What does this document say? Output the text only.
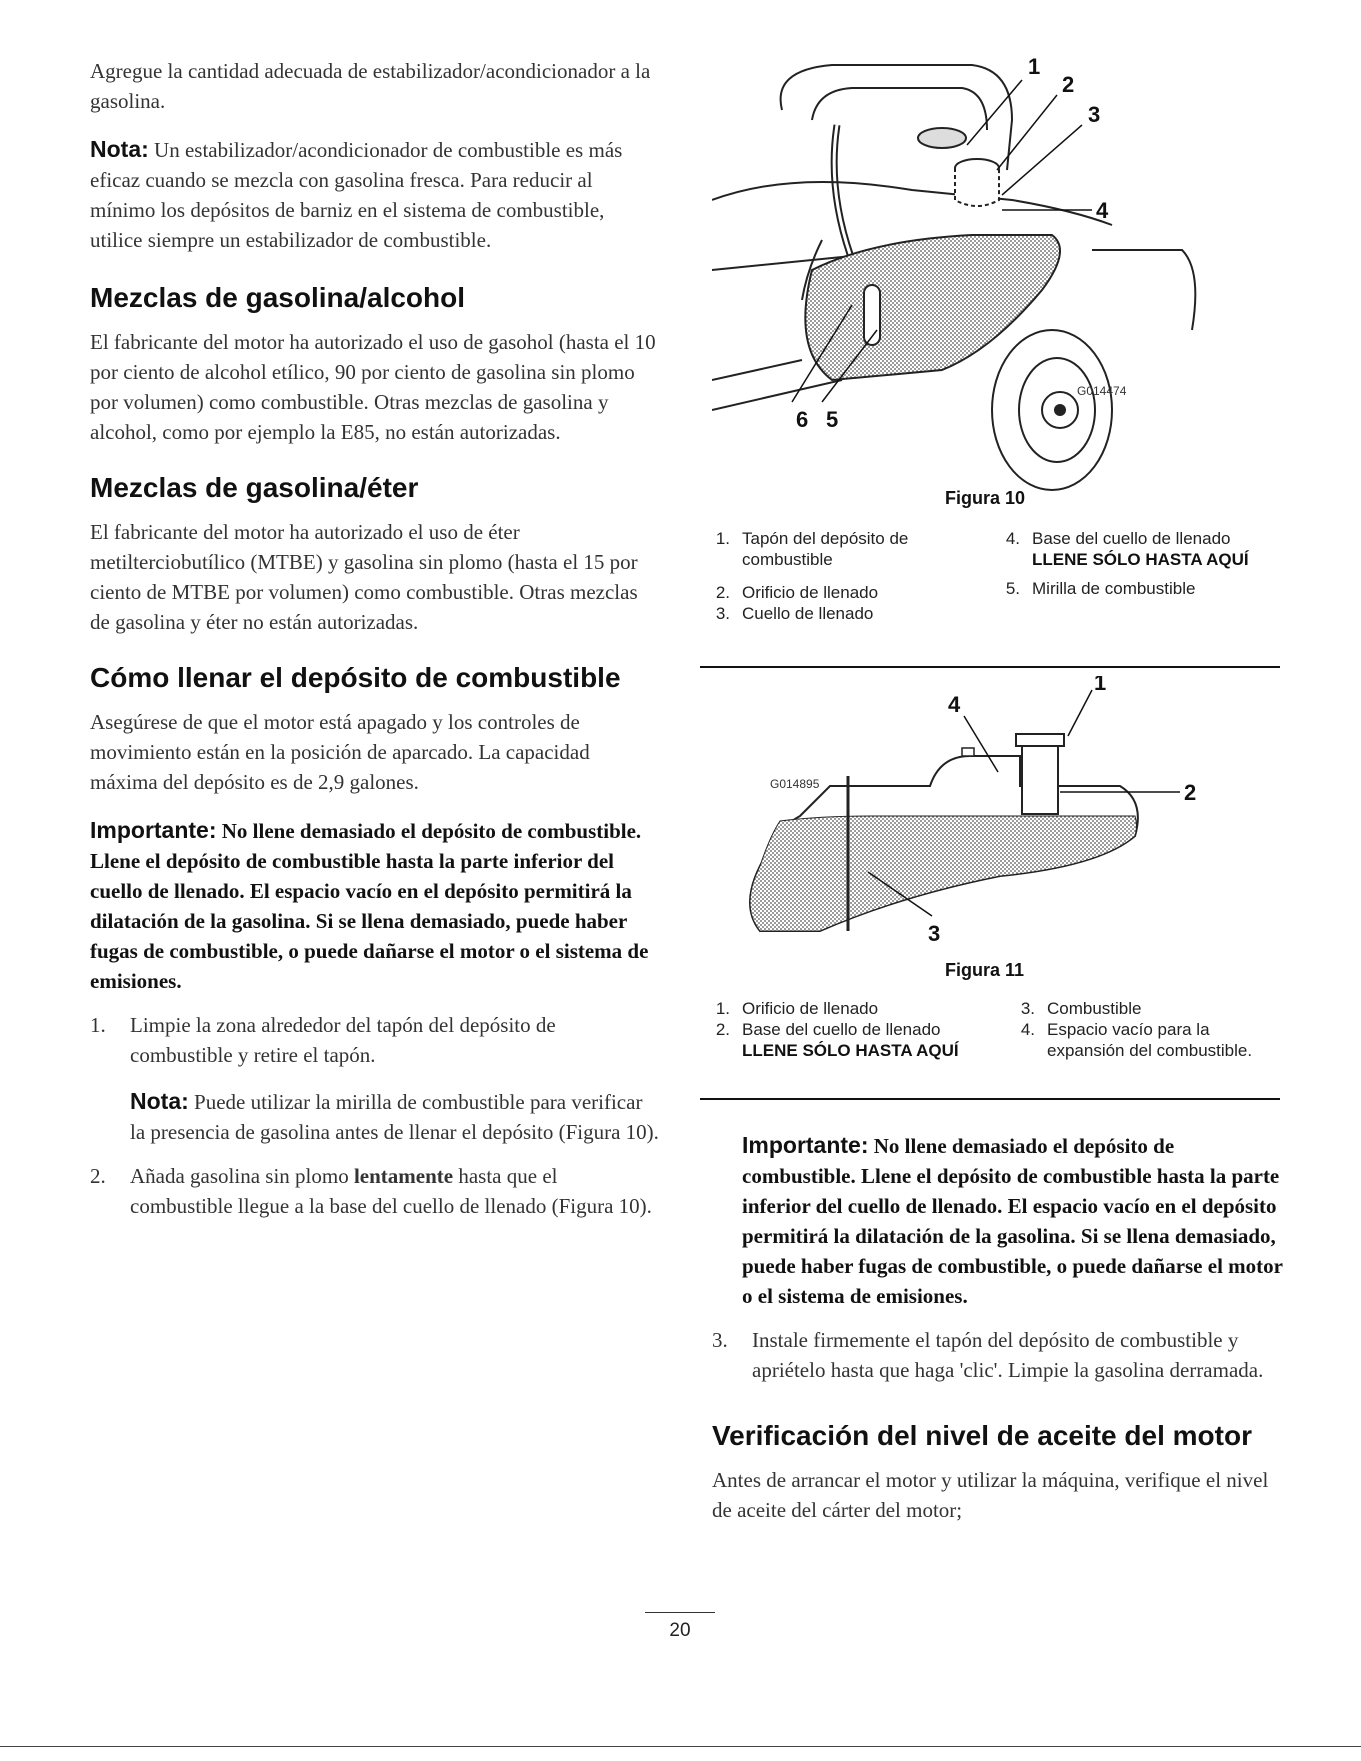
Agregue la cantidad adecuada de estabilizador/acondicionador a la gasolina.

Nota: Un estabilizador/acondicionador de combustible es más eficaz cuando se mezcla con gasolina fresca. Para reducir al mínimo los depósitos de barniz en el sistema de combustible, utilice siempre un estabilizador de combustible.

Mezclas de gasolina/alcohol

El fabricante del motor ha autorizado el uso de gasohol (hasta el 10 por ciento de alcohol etílico, 90 por ciento de gasolina sin plomo por volumen) como combustible. Otras mezclas de gasolina y alcohol, como por ejemplo la E85, no están autorizadas.

Mezclas de gasolina/éter

El fabricante del motor ha autorizado el uso de éter metilterciobutílico (MTBE) y gasolina sin plomo (hasta el 15 por ciento de MTBE por volumen) como combustible. Otras mezclas de gasolina y éter no están autorizadas.

Cómo llenar el depósito de combustible

Asegúrese de que el motor está apagado y los controles de movimiento están en la posición de aparcado. La capacidad máxima del depósito es de 2,9 galones.

Importante: No llene demasiado el depósito de combustible. Llene el depósito de combustible hasta la parte inferior del cuello de llenado. El espacio vacío en el depósito permitirá la dilatación de la gasolina. Si se llena demasiado, puede haber fugas de combustible, o puede dañarse el motor o el sistema de emisiones.

1.	Limpie la zona alrededor del tapón del depósito de combustible y retire el tapón.

Nota: Puede utilizar la mirilla de combustible para verificar la presencia de gasolina antes de llenar el depósito (Figura 10).

2.	Añada gasolina sin plomo lentamente hasta que el combustible llegue a la base del cuello de llenado (Figura 10).
1
2
3
4
5
6
G014474
Figura 10
1. Tapón del depósito de combustible
2. Orificio de llenado
3. Cuello de llenado
4. Base del cuello de llenado
LLENE SÓLO HASTA AQUÍ
5. Mirilla de combustible
1
2
3
4
G014895
Figura 11
1. Orificio de llenado
2. Base del cuello de llenado
LLENE SÓLO HASTA AQUÍ
3. Combustible
4. Espacio vacío para la expansión del combustible.

Importante: No llene demasiado el depósito de combustible. Llene el depósito de combustible hasta la parte inferior del cuello de llenado. El espacio vacío en el depósito permitirá la dilatación de la gasolina. Si se llena demasiado, puede haber fugas de combustible, o puede dañarse el motor o el sistema de emisiones.

3.	Instale firmemente el tapón del depósito de combustible y apriételo hasta que haga 'clic'. Limpie la gasolina derramada.
Verificación del nivel de aceite del motor

Antes de arrancar el motor y utilizar la máquina, verifique el nivel de aceite del cárter del motor;

20
